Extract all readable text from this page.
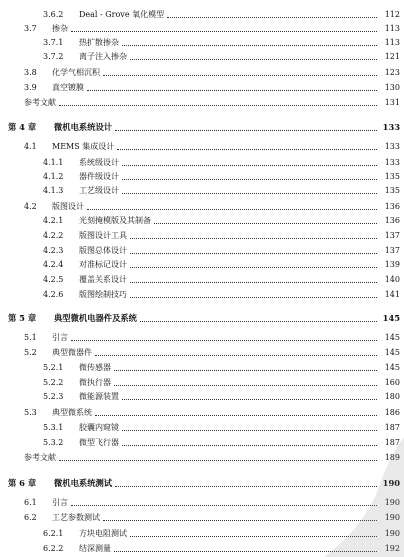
3.6.2	Deal - Grove 氧化模型	112
3.7	掺杂	113
3.7.1	热扩散掺杂	113
3.7.2	离子注入掺杂	121
3.8	化学气相沉积	123
3.9	真空镀膜	130
参考文献	131
第 4 章	微机电系统设计	133
4.1	MEMS 集成设计	133
4.1.1	系统级设计	133
4.1.2	器件级设计	135
4.1.3	工艺级设计	135
4.2	版图设计	136
4.2.1	光刻掩模版及其制备	136
4.2.2	版图设计工具	137
4.2.3	版图总体设计	137
4.2.4	对准标记设计	139
4.2.5	覆盖关系设计	140
4.2.6	版图绘制技巧	141
第 5 章	典型微机电器件及系统	145
5.1	引言	145
5.2	典型微器件	145
5.2.1	微传感器	145
5.2.2	微执行器	160
5.2.3	微能源装置	180
5.3	典型微系统	186
5.3.1	胶囊内窥镜	187
5.3.2	微型飞行器	187
参考文献	189
第 6 章	微机电系统测试	190
6.1	引言	190
6.2	工艺参数测试	190
6.2.1	方块电阻测试	190
6.2.2	结深测量	192
